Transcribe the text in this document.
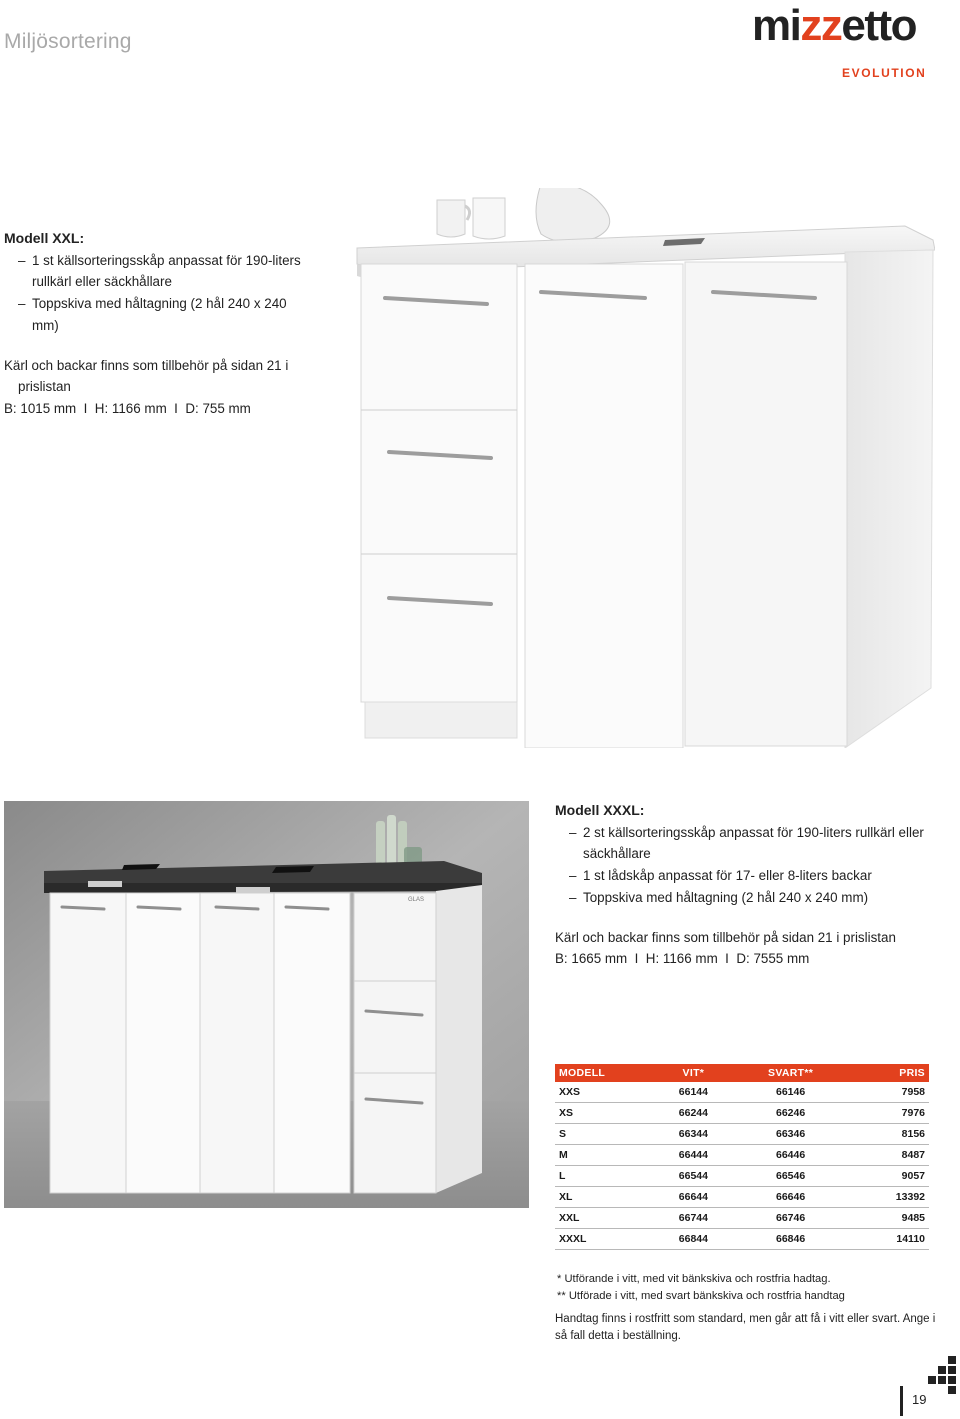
Miljösortering	mizzetto
EVOLUTION
Modell XXL:
– 1 st källsorteringsskåp anpassat för 190-liters rullkärl eller säckhållare
– Toppskiva med håltagning (2 hål 240 x 240 mm)
Kärl och backar finns som tillbehör på sidan 21 i prislistan
B: 1015 mm  I  H: 1166 mm  I  D: 755 mm
GLAS
Modell XXXL:
– 2 st källsorteringsskåp anpassat för 190-liters rullkärl eller säckhållare
– 1 st lådskåp anpassat för 17- eller 8-liters backar
– Toppskiva med håltagning (2 hål 240 x 240 mm)
Kärl och backar finns som tillbehör på sidan 21 i prislistan
B: 1665 mm  I  H: 1166 mm  I  D: 7555 mm
MODELL	VIT*	SVART**	PRIS
XXS	66144	66146	7958
XS	66244	66246	7976
S	66344	66346	8156
M	66444	66446	8487
L	66544	66546	9057
XL	66644	66646	13392
XXL	66744	66746	9485
XXXL	66844	66846	14110
* Utförande i vitt, med vit bänkskiva och rostfria hadtag.
** Utförade i vitt, med svart bänkskiva och rostfria handtag
Handtag finns i rostfritt som standard, men går att få i vitt eller svart. Ange i så fall detta i beställning.
19
